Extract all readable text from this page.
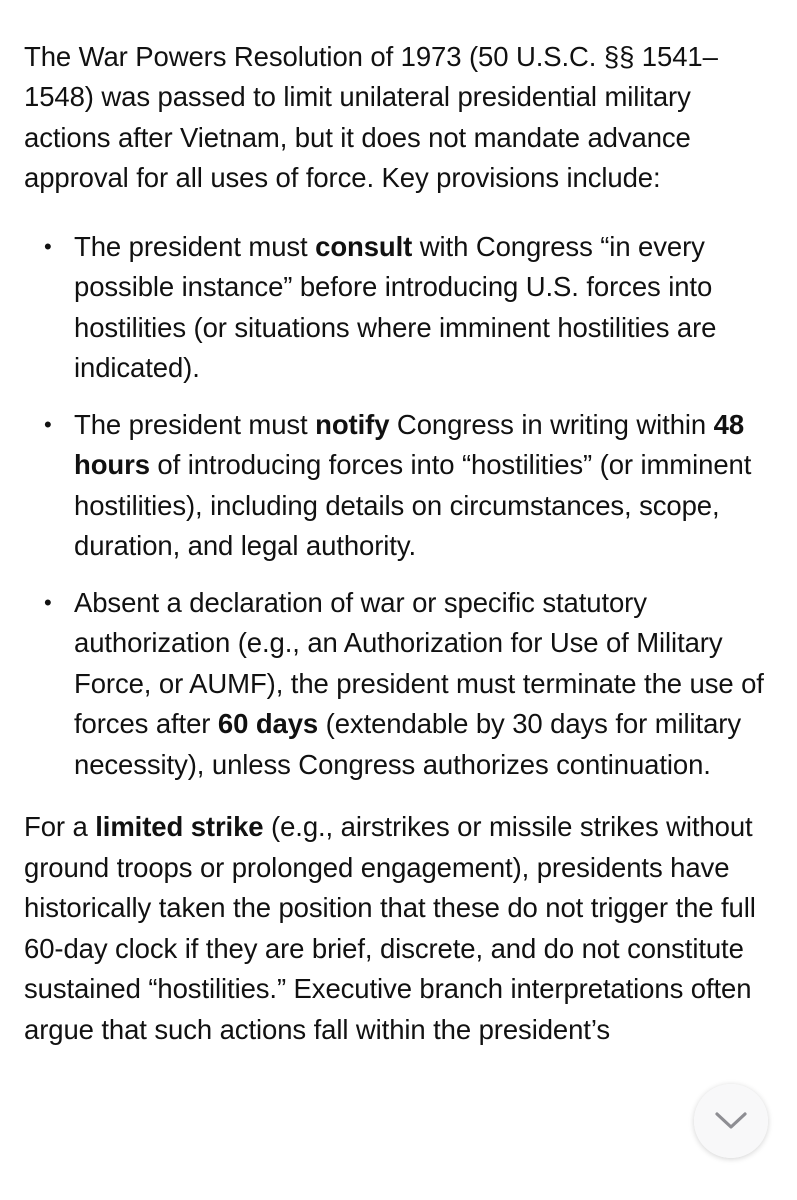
The War Powers Resolution of 1973 (50 U.S.C. §§ 1541–1548) was passed to limit unilateral presidential military actions after Vietnam, but it does not mandate advance approval for all uses of force. Key provisions include:

• The president must consult with Congress “in every possible instance” before introducing U.S. forces into hostilities (or situations where imminent hostilities are indicated).
• The president must notify Congress in writing within 48 hours of introducing forces into “hostilities” (or imminent hostilities), including details on circumstances, scope, duration, and legal authority.
• Absent a declaration of war or specific statutory authorization (e.g., an Authorization for Use of Military Force, or AUMF), the president must terminate the use of forces after 60 days (extendable by 30 days for military necessity), unless Congress authorizes continuation.

For a limited strike (e.g., airstrikes or missile strikes without ground troops or prolonged engagement), presidents have historically taken the position that these do not trigger the full 60-day clock if they are brief, discrete, and do not constitute sustained “hostilities.” Executive branch interpretations often argue that such actions fall within the president’s
